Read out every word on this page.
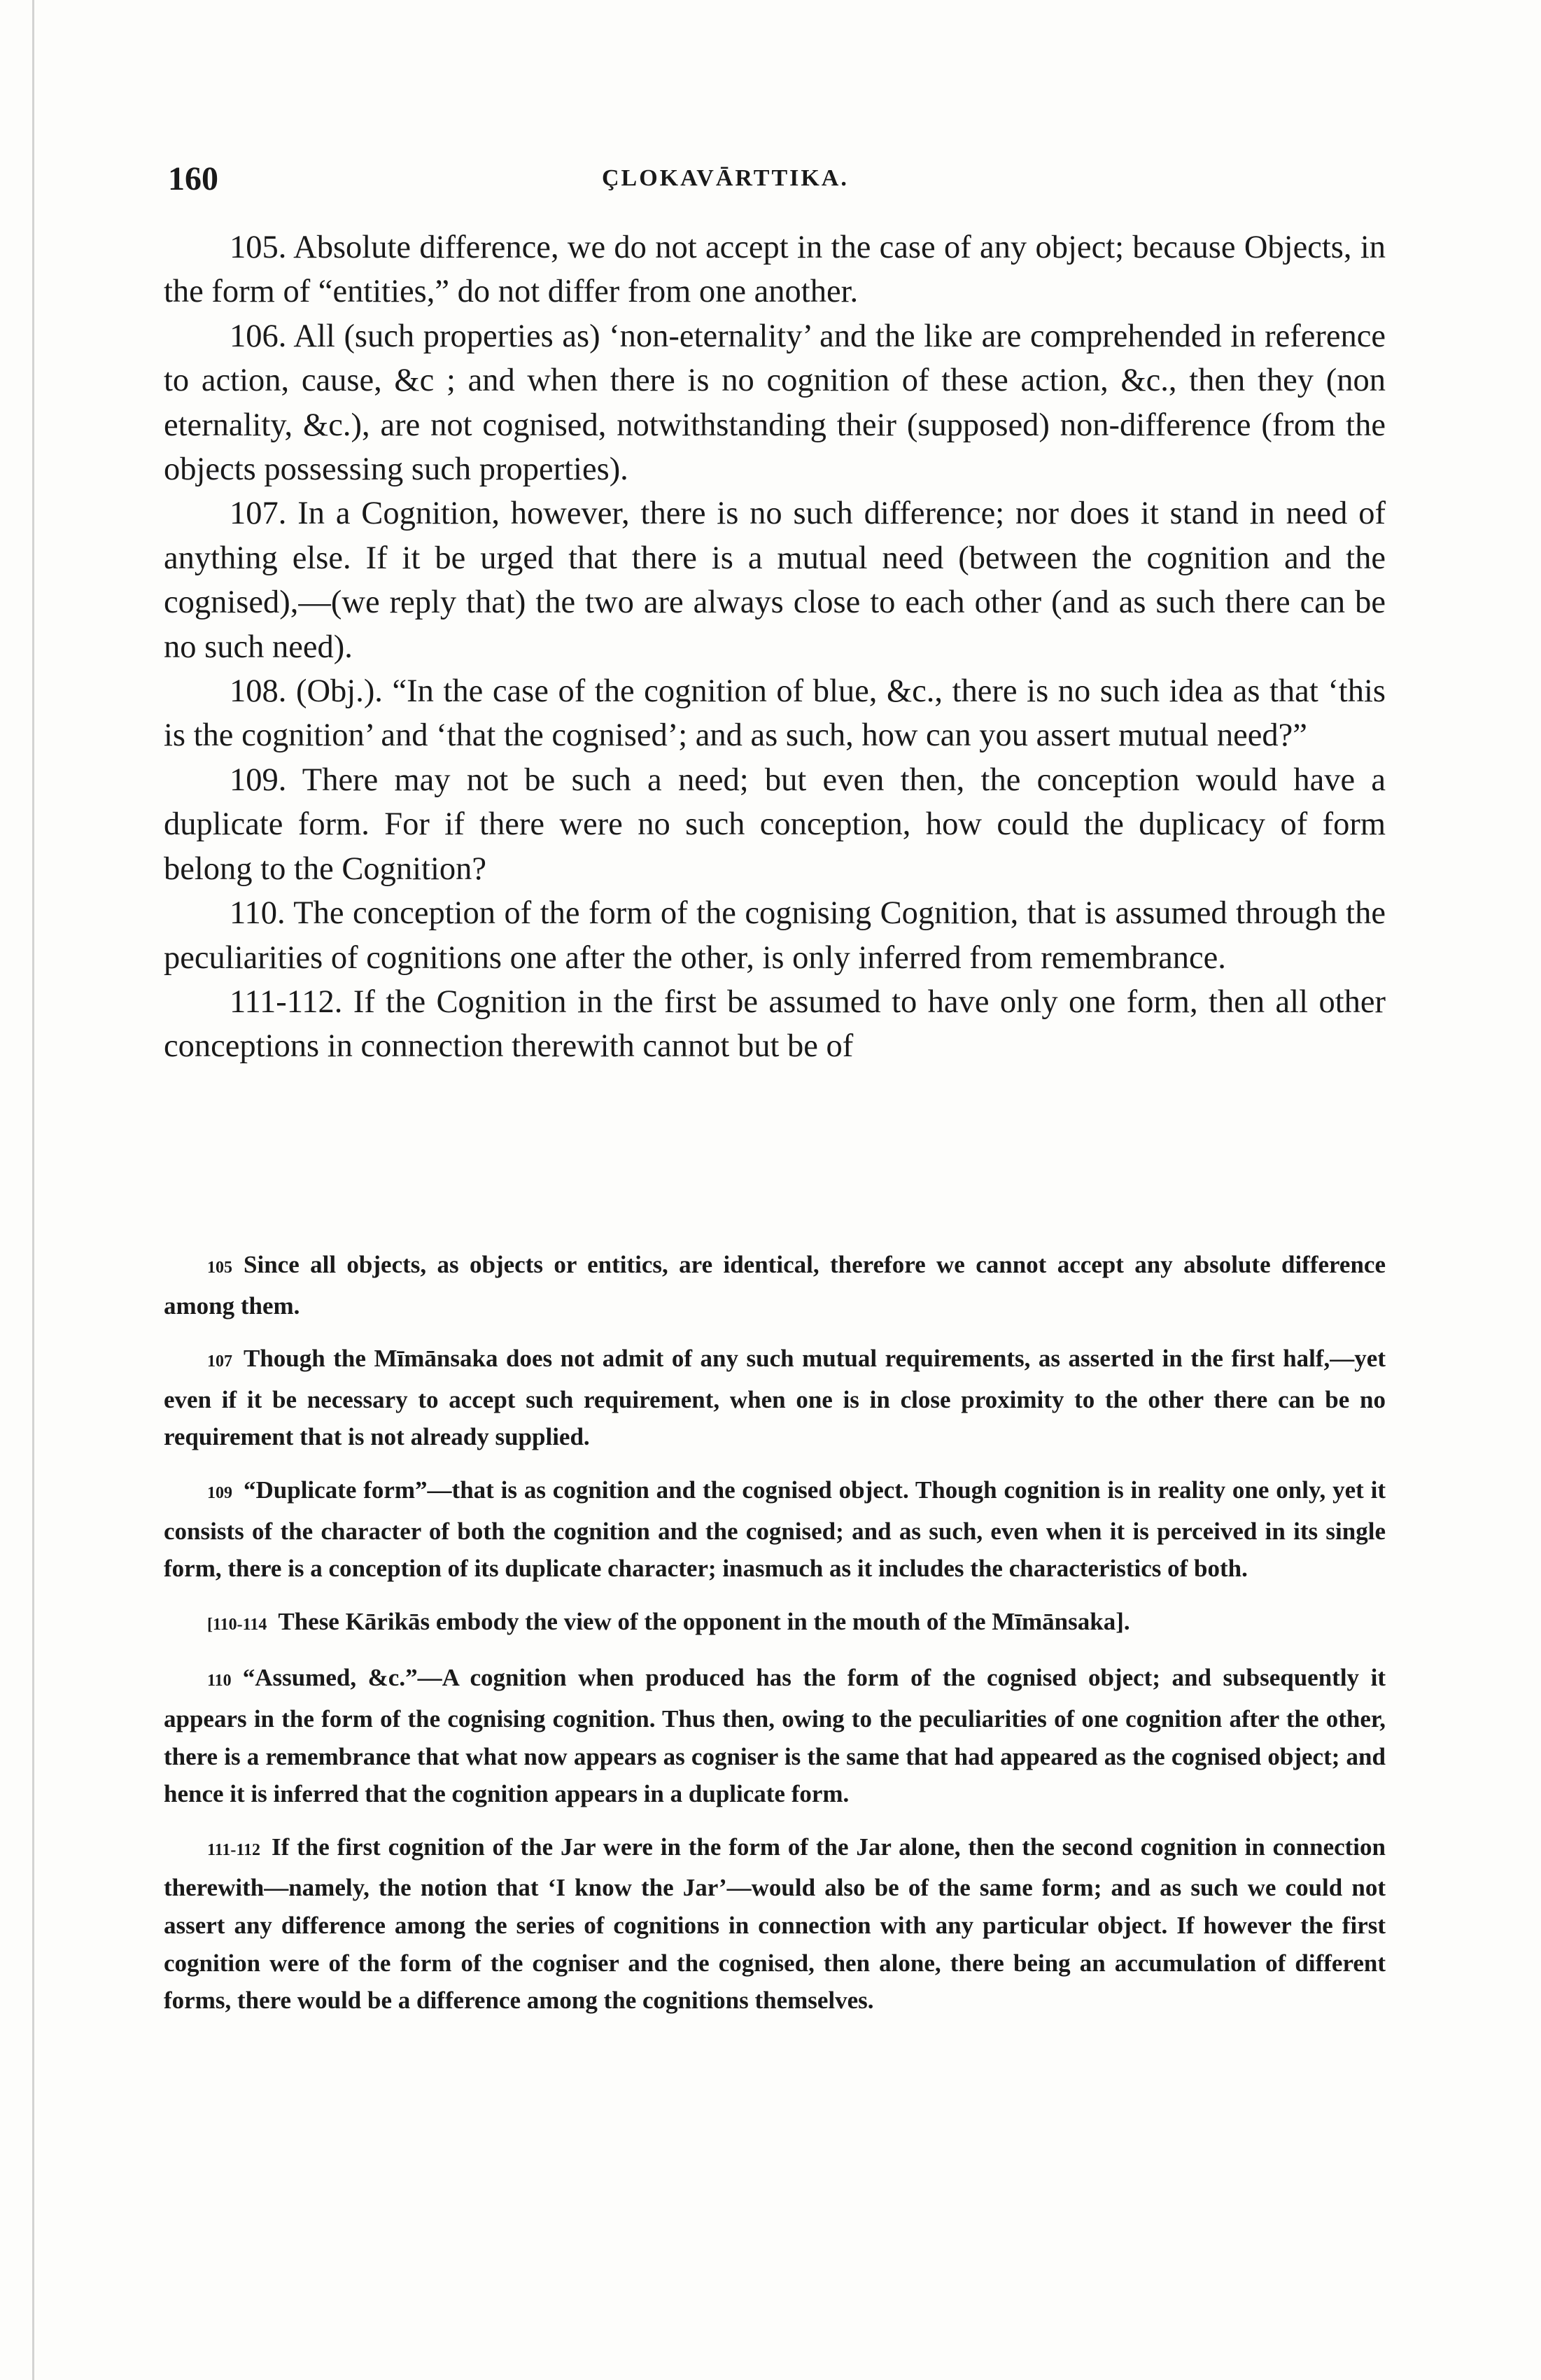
160	ÇLOKAVĀRTTIKA.

105. Absolute difference, we do not accept in the case of any object; because Objects, in the form of “entities,” do not differ from one another.

106. All (such properties as) ‘non-eternality’ and the like are comprehended in reference to action, cause, &c ; and when there is no cognition of these action, &c., then they (non eternality, &c.), are not cognised, notwithstanding their (supposed) non-difference (from the objects possessing such properties).

107. In a Cognition, however, there is no such difference; nor does it stand in need of anything else. If it be urged that there is a mutual need (between the cognition and the cognised),—(we reply that) the two are always close to each other (and as such there can be no such need).

108. (Obj.). “In the case of the cognition of blue, &c., there is no such idea as that ‘this is the cognition’ and ‘that the cognised’; and as such, how can you assert mutual need?”

109. There may not be such a need; but even then, the conception would have a duplicate form. For if there were no such conception, how could the duplicacy of form belong to the Cognition?

110. The conception of the form of the cognising Cognition, that is assumed through the peculiarities of cognitions one after the other, is only inferred from remembrance.

111-112. If the Cognition in the first be assumed to have only one form, then all other conceptions in connection therewith cannot but be of

105 Since all objects, as objects or entitics, are identical, therefore we cannot accept any absolute difference among them.

107 Though the Mīmānsaka does not admit of any such mutual requirements, as asserted in the first half,—yet even if it be necessary to accept such requirement, when one is in close proximity to the other there can be no requirement that is not already supplied.

109 “Duplicate form”—that is as cognition and the cognised object. Though cognition is in reality one only, yet it consists of the character of both the cognition and the cognised; and as such, even when it is perceived in its single form, there is a conception of its duplicate character; inasmuch as it includes the characteristics of both.

[110-114 These Kārikās embody the view of the opponent in the mouth of the Mīmānsaka].

110 “Assumed, &c.”—A cognition when produced has the form of the cognised object; and subsequently it appears in the form of the cognising cognition. Thus then, owing to the peculiarities of one cognition after the other, there is a remembrance that what now appears as cogniser is the same that had appeared as the cognised object; and hence it is inferred that the cognition appears in a duplicate form.

111-112 If the first cognition of the Jar were in the form of the Jar alone, then the second cognition in connection therewith—namely, the notion that ‘I know the Jar’—would also be of the same form; and as such we could not assert any difference among the series of cognitions in connection with any particular object. If however the first cognition were of the form of the cogniser and the cognised, then alone, there being an accumulation of different forms, there would be a difference among the cognitions themselves.
